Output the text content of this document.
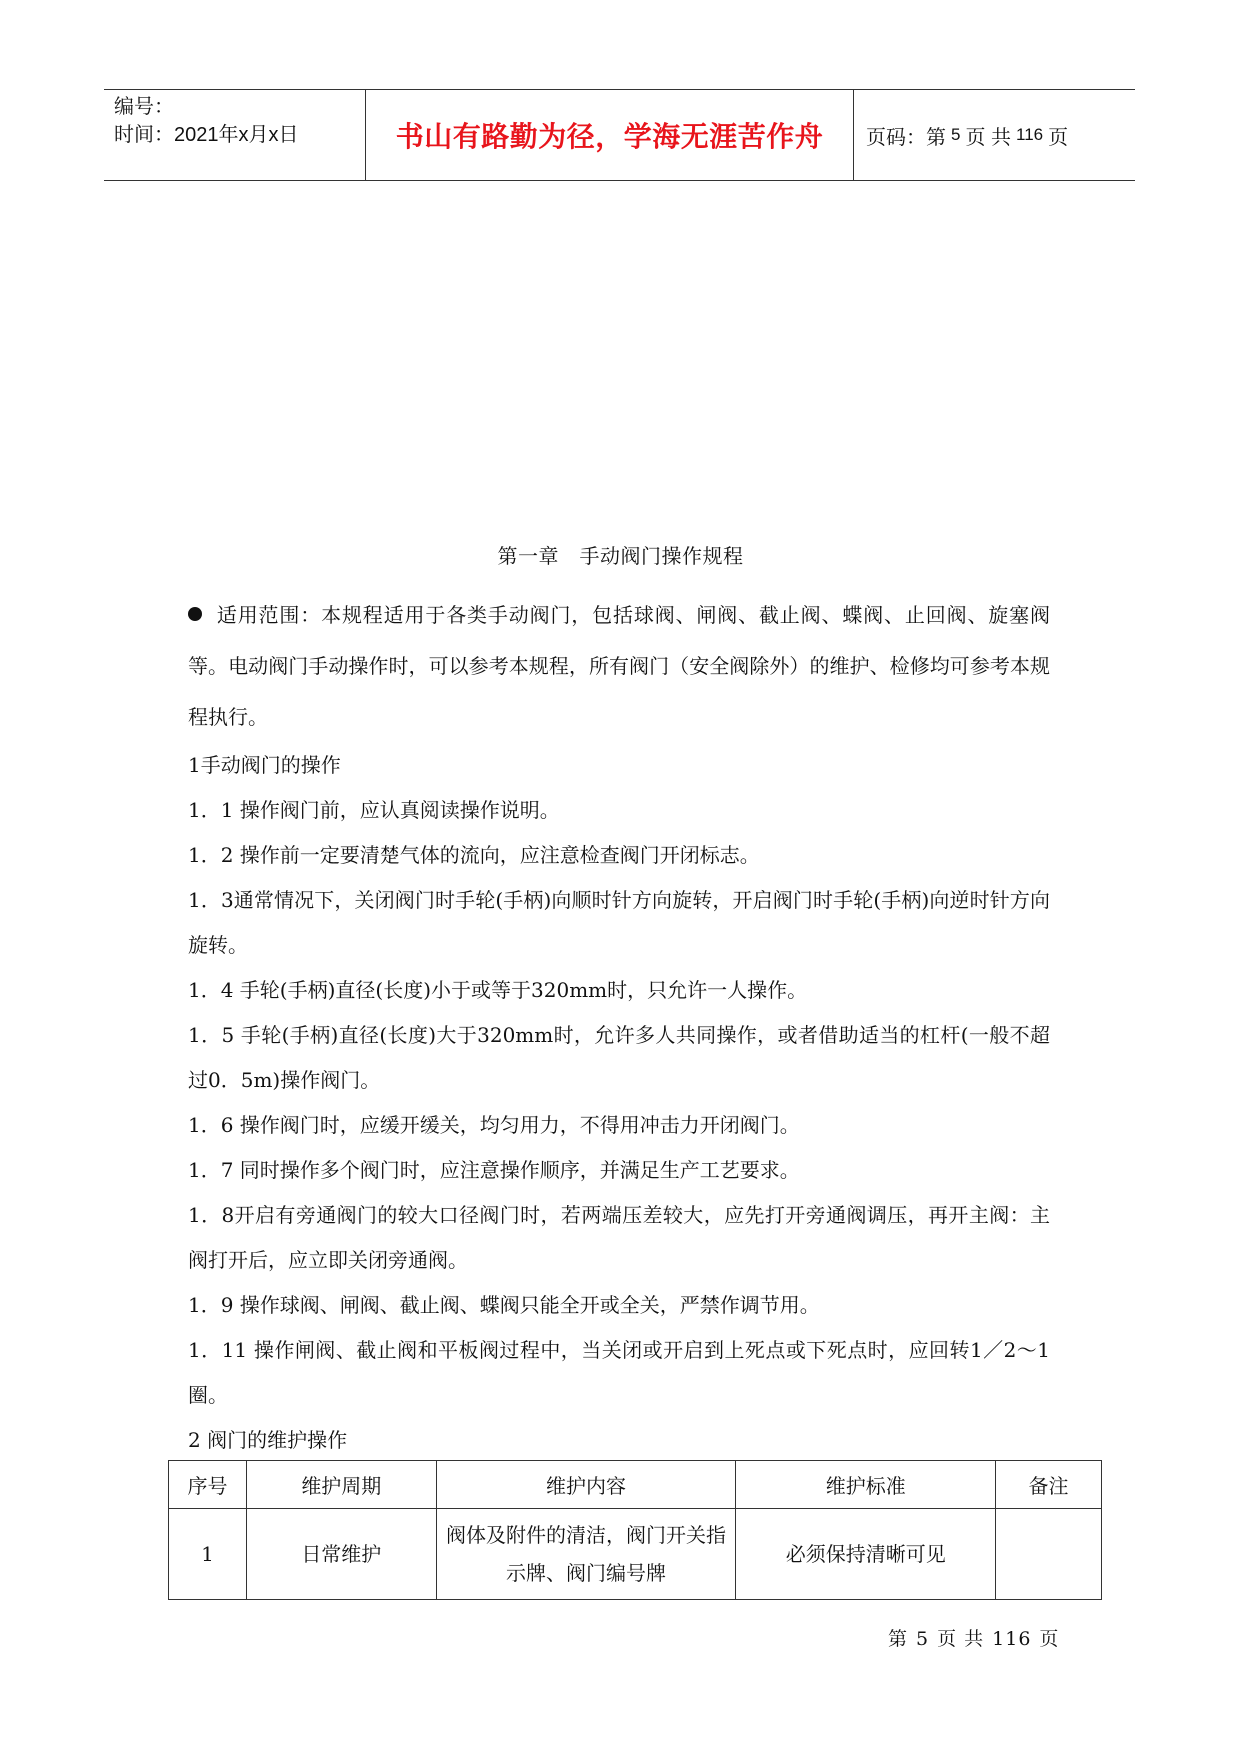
编号：
时间：2021年x月x日	书山有路勤为径，学海无涯苦作舟	页码：第 5 页 共 116 页
第一章　手动阀门操作规程

适用范围：本规程适用于各类手动阀门，包括球阀、闸阀、截止阀、蝶阀、止回阀、旋塞阀等。电动阀门手动操作时，可以参考本规程，所有阀门（安全阀除外）的维护、检修均可参考本规程执行。

1手动阀门的操作

1．1 操作阀门前，应认真阅读操作说明。

1．2 操作前一定要清楚气体的流向，应注意检查阀门开闭标志。

1．3通常情况下，关闭阀门时手轮(手柄)向顺时针方向旋转，开启阀门时手轮(手柄)向逆时针方向旋转。

1．4 手轮(手柄)直径(长度)小于或等于320mm时，只允许一人操作。

1．5 手轮(手柄)直径(长度)大于320mm时，允许多人共同操作，或者借助适当的杠杆(一般不超过0．5m)操作阀门。

1．6 操作阀门时，应缓开缓关，均匀用力，不得用冲击力开闭阀门。

1．7 同时操作多个阀门时，应注意操作顺序，并满足生产工艺要求。

1．8开启有旁通阀门的较大口径阀门时，若两端压差较大，应先打开旁通阀调压，再开主阀：主阀打开后，应立即关闭旁通阀。

1．9 操作球阀、闸阀、截止阀、蝶阀只能全开或全关，严禁作调节用。

1．11 操作闸阀、截止阀和平板阀过程中，当关闭或开启到上死点或下死点时，应回转1／2～1圈。

2 阀门的维护操作

序号	维护周期	维护内容	维护标准	备注
1	日常维护	阀体及附件的清洁，阀门开关指示牌、阀门编号牌	必须保持清晰可见	
第 5 页 共 116 页
